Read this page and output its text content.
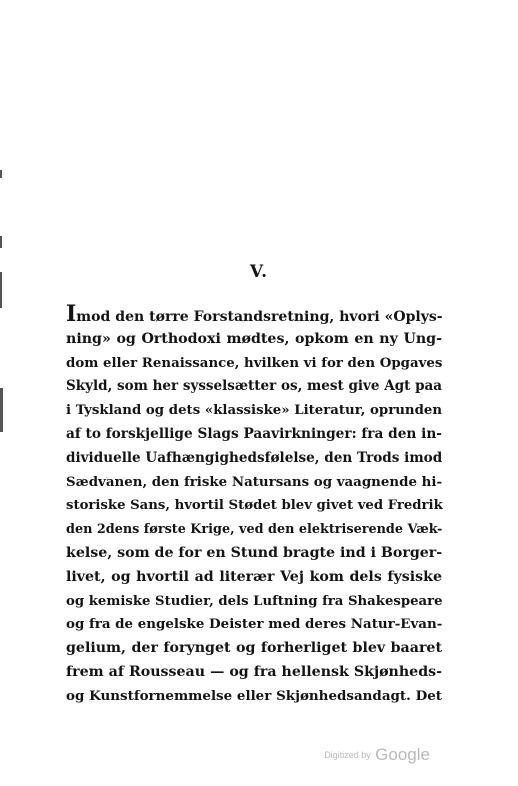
V.
Imod den tørre Forstandsretning, hvori «Oplys-
ning» og Orthodoxi mødtes, opkom en ny Ung-
dom eller Renaissance, hvilken vi for den Opgaves
Skyld, som her sysselsætter os, mest give Agt paa
i Tyskland og dets «klassiske» Literatur, oprunden
af to forskjellige Slags Paavirkninger: fra den in-
dividuelle Uafhængighedsfølelse, den Trods imod
Sædvanen, den friske Natursans og vaagnende hi-
storiske Sans, hvortil Stødet blev givet ved Fredrik
den 2dens første Krige, ved den elektriserende Væk-
kelse, som de for en Stund bragte ind i Borger-
livet, og hvortil ad literær Vej kom dels fysiske
og kemiske Studier, dels Luftning fra Shakespeare
og fra de engelske Deister med deres Natur-Evan-
gelium, der forynget og forherliget blev baaret
frem af Rousseau — og fra hellensk Skjønheds-
og Kunstfornemmelse eller Skjønhedsandagt. Det
Digitized by Google
